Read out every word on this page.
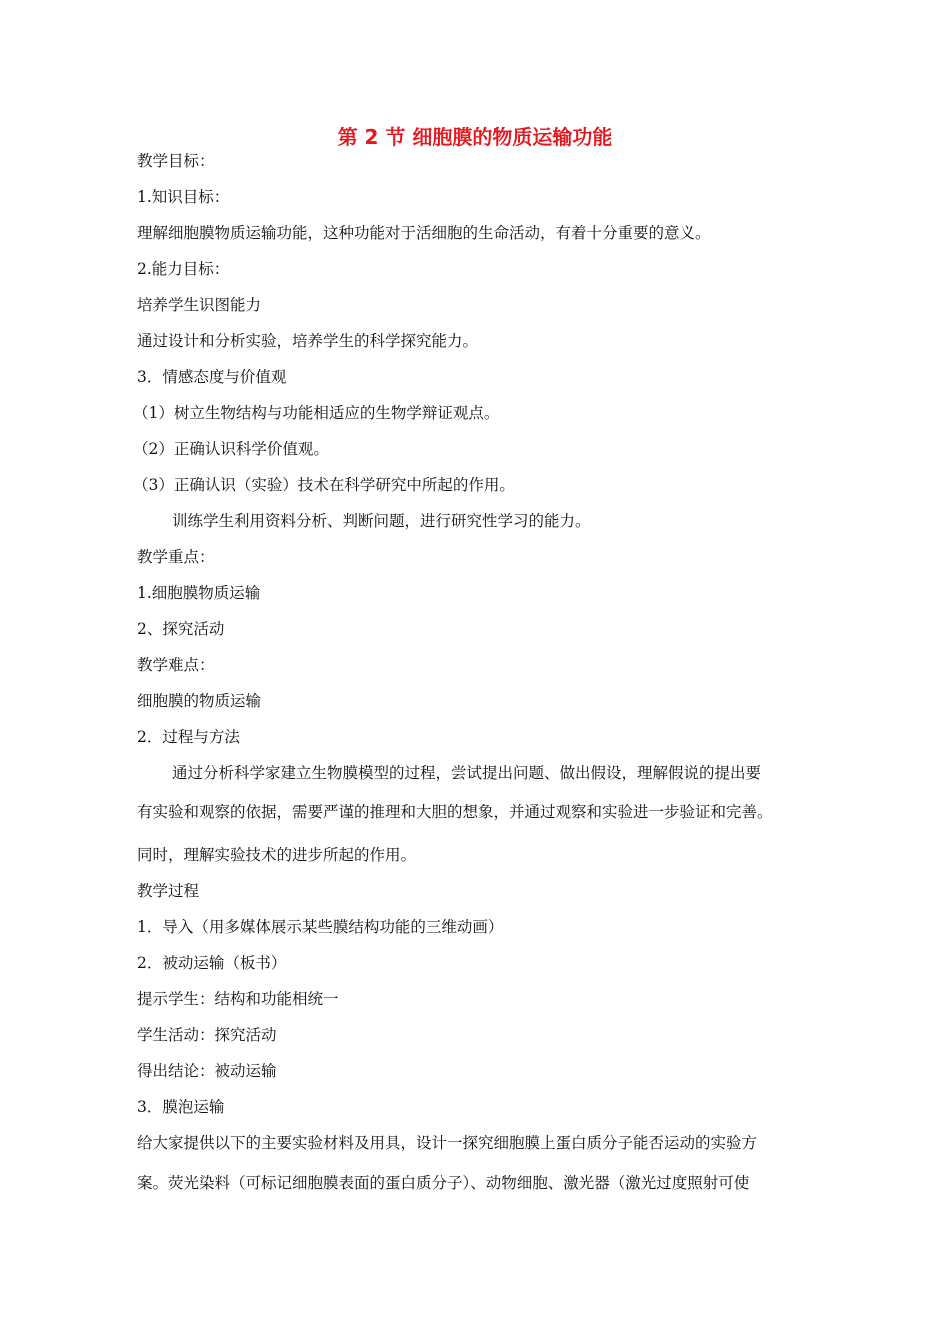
第 2 节 细胞膜的物质运输功能
教学目标：
1.知识目标：
理解细胞膜物质运输功能，这种功能对于活细胞的生命活动，有着十分重要的意义。
2.能力目标：
培养学生识图能力
通过设计和分析实验，培养学生的科学探究能力。
3．情感态度与价值观
（1）树立生物结构与功能相适应的生物学辩证观点。
（2）正确认识科学价值观。
（3）正确认识（实验）技术在科学研究中所起的作用。
训练学生利用资料分析、判断问题，进行研究性学习的能力。
教学重点：
1.细胞膜物质运输
2、探究活动
教学难点：
细胞膜的物质运输
2．过程与方法
通过分析科学家建立生物膜模型的过程，尝试提出问题、做出假设，理解假说的提出要
有实验和观察的依据，需要严谨的推理和大胆的想象，并通过观察和实验进一步验证和完善。
同时，理解实验技术的进步所起的作用。
教学过程
1．导入（用多媒体展示某些膜结构功能的三维动画）
2．被动运输（板书）
提示学生：结构和功能相统一
学生活动：探究活动
得出结论：被动运输
3．膜泡运输
给大家提供以下的主要实验材料及用具，设计一探究细胞膜上蛋白质分子能否运动的实验方
案。荧光染料（可标记细胞膜表面的蛋白质分子）、动物细胞、激光器（激光过度照射可使
